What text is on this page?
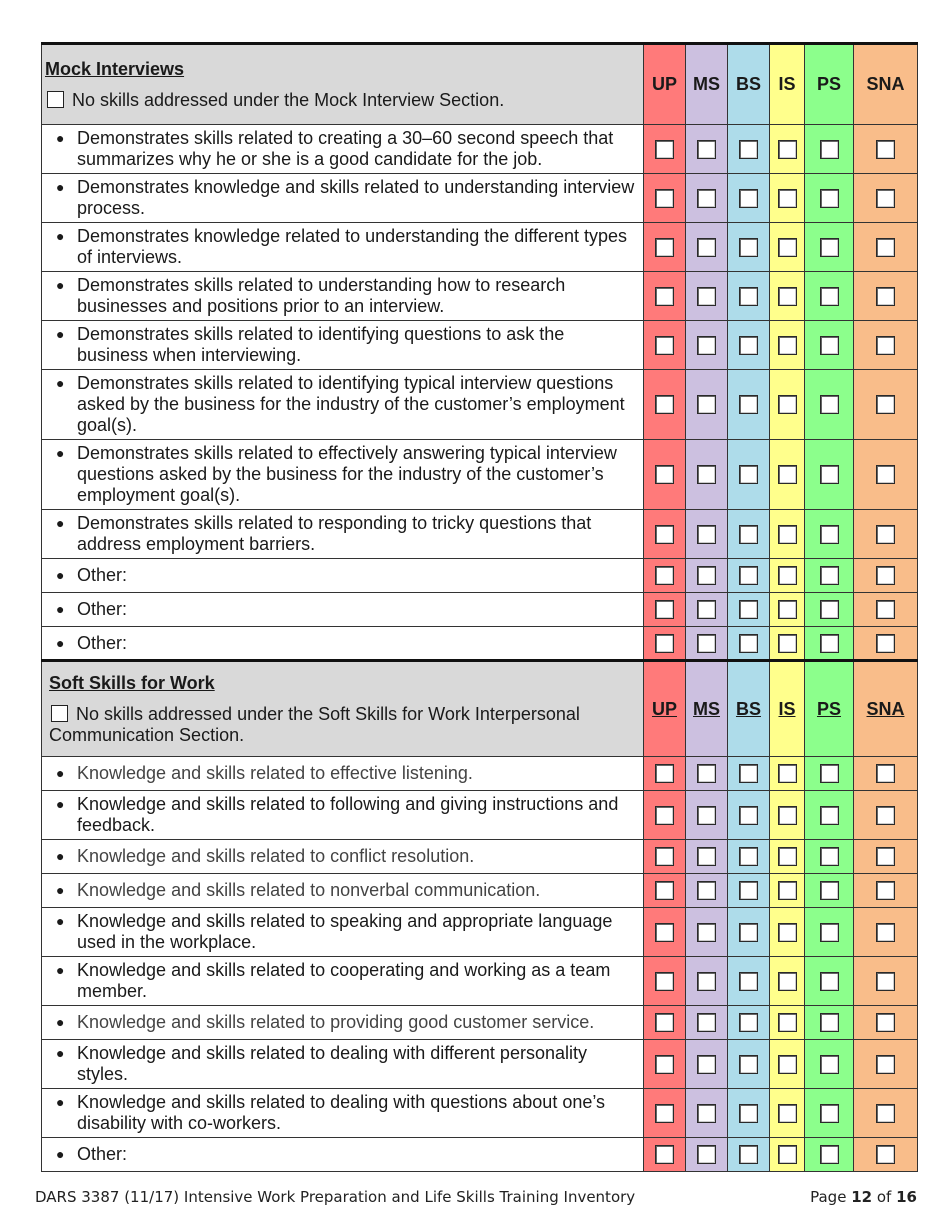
Mock Interviews
No skills addressed under the Mock Interview Section.	UP	MS	BS	IS	PS	SNA

● Demonstrates skills related to creating a 30–60 second speech that summarizes why he or she is a good candidate for the job.						

● Demonstrates knowledge and skills related to understanding interview process.						

● Demonstrates knowledge related to understanding the different types of interviews.						

● Demonstrates skills related to understanding how to research businesses and positions prior to an interview.						

● Demonstrates skills related to identifying questions to ask the business when interviewing.						

● Demonstrates skills related to identifying typical interview questions asked by the business for the industry of the customer’s employment goal(s).						

● Demonstrates skills related to effectively answering typical interview questions asked by the business for the industry of the customer’s employment goal(s).						

● Demonstrates skills related to responding to tricky questions that address employment barriers.						

● Other:						

● Other:						

● Other:						

Soft Skills for Work
No skills addressed under the Soft Skills for Work Interpersonal Communication Section.	UP	MS	BS	IS	PS	SNA

● Knowledge and skills related to effective listening.						

● Knowledge and skills related to following and giving instructions and feedback.						

● Knowledge and skills related to conflict resolution.						

● Knowledge and skills related to nonverbal communication.						

● Knowledge and skills related to speaking and appropriate language used in the workplace.						

● Knowledge and skills related to cooperating and working as a team member.						

● Knowledge and skills related to providing good customer service.						

● Knowledge and skills related to dealing with different personality styles.						

● Knowledge and skills related to dealing with questions about one’s disability with co-workers.						

● Other:						

DARS 3387 (11/17) Intensive Work Preparation and Life Skills Training Inventory	Page 12 of 16
